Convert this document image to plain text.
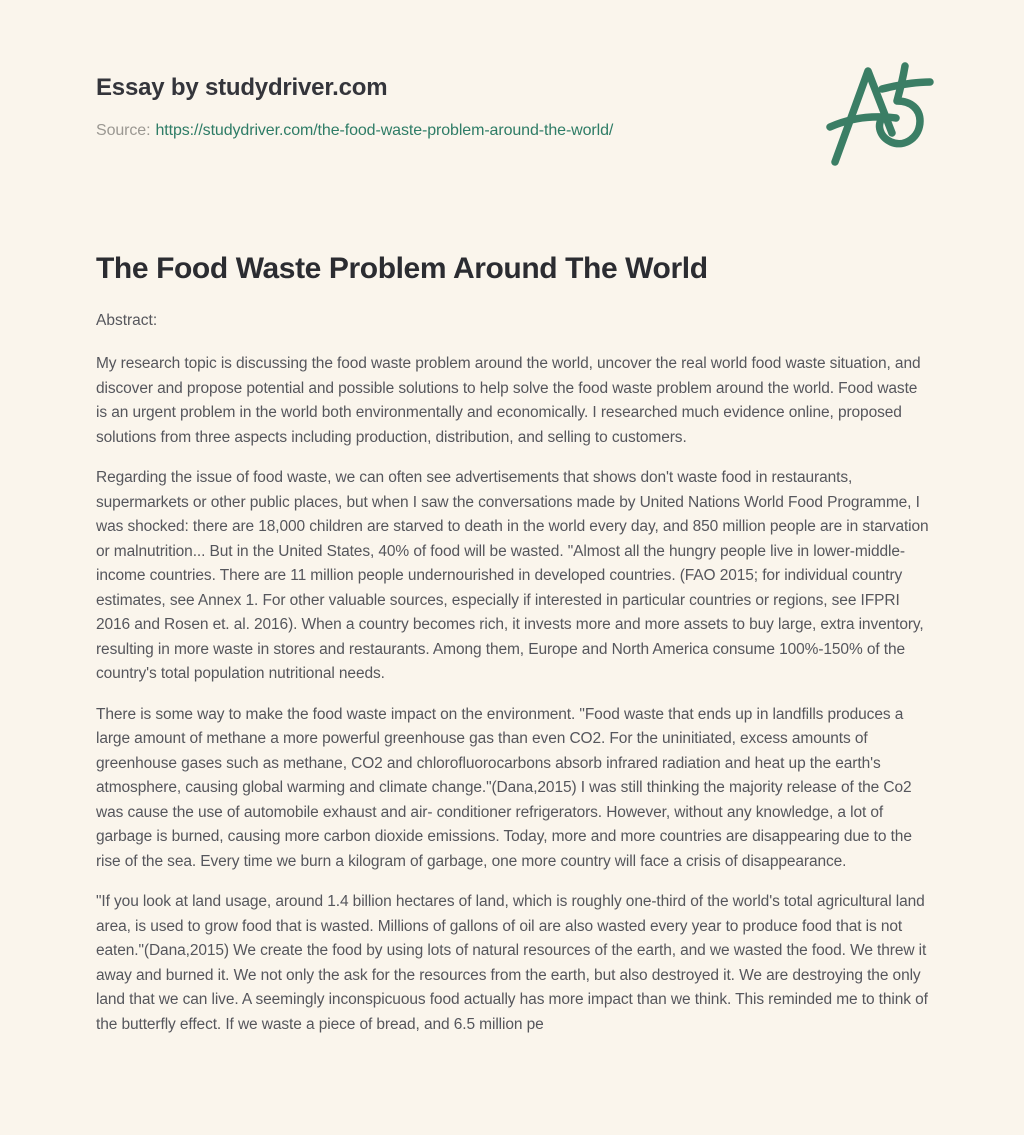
Essay by studydriver.com

Source: https://studydriver.com/the-food-waste-problem-around-the-world/

The Food Waste Problem Around The World

Abstract:

My research topic is discussing the food waste problem around the world, uncover the real world food waste situation, and discover and propose potential and possible solutions to help solve the food waste problem around the world. Food waste is an urgent problem in the world both environmentally and economically. I researched much evidence online, proposed solutions from three aspects including production, distribution, and selling to customers.

Regarding the issue of food waste, we can often see advertisements that shows don't waste food in restaurants, supermarkets or other public places, but when I saw the conversations made by United Nations World Food Programme, I was shocked: there are 18,000 children are starved to death in the world every day, and 850 million people are in starvation or malnutrition... But in the United States, 40% of food will be wasted. "Almost all the hungry people live in lower-middle-income countries. There are 11 million people undernourished in developed countries. (FAO 2015; for individual country estimates, see Annex 1. For other valuable sources, especially if interested in particular countries or regions, see IFPRI 2016 and Rosen et. al. 2016). When a country becomes rich, it invests more and more assets to buy large, extra inventory, resulting in more waste in stores and restaurants. Among them, Europe and North America consume 100%-150% of the country's total population nutritional needs.

There is some way to make the food waste impact on the environment. "Food waste that ends up in landfills produces a large amount of methane a more powerful greenhouse gas than even CO2. For the uninitiated, excess amounts of greenhouse gases such as methane, CO2 and chlorofluorocarbons absorb infrared radiation and heat up the earth's atmosphere, causing global warming and climate change."(Dana,2015) I was still thinking the majority release of the Co2 was cause the use of automobile exhaust and air- conditioner refrigerators. However, without any knowledge, a lot of garbage is burned, causing more carbon dioxide emissions. Today, more and more countries are disappearing due to the rise of the sea. Every time we burn a kilogram of garbage, one more country will face a crisis of disappearance.

"If you look at land usage, around 1.4 billion hectares of land, which is roughly one-third of the world's total agricultural land area, is used to grow food that is wasted. Millions of gallons of oil are also wasted every year to produce food that is not eaten."(Dana,2015) We create the food by using lots of natural resources of the earth, and we wasted the food. We threw it away and burned it. We not only the ask for the resources from the earth, but also destroyed it. We are destroying the only land that we can live. A seemingly inconspicuous food actually has more impact than we think. This reminded me to think of the butterfly effect. If we waste a piece of bread, and 6.5 million pe
